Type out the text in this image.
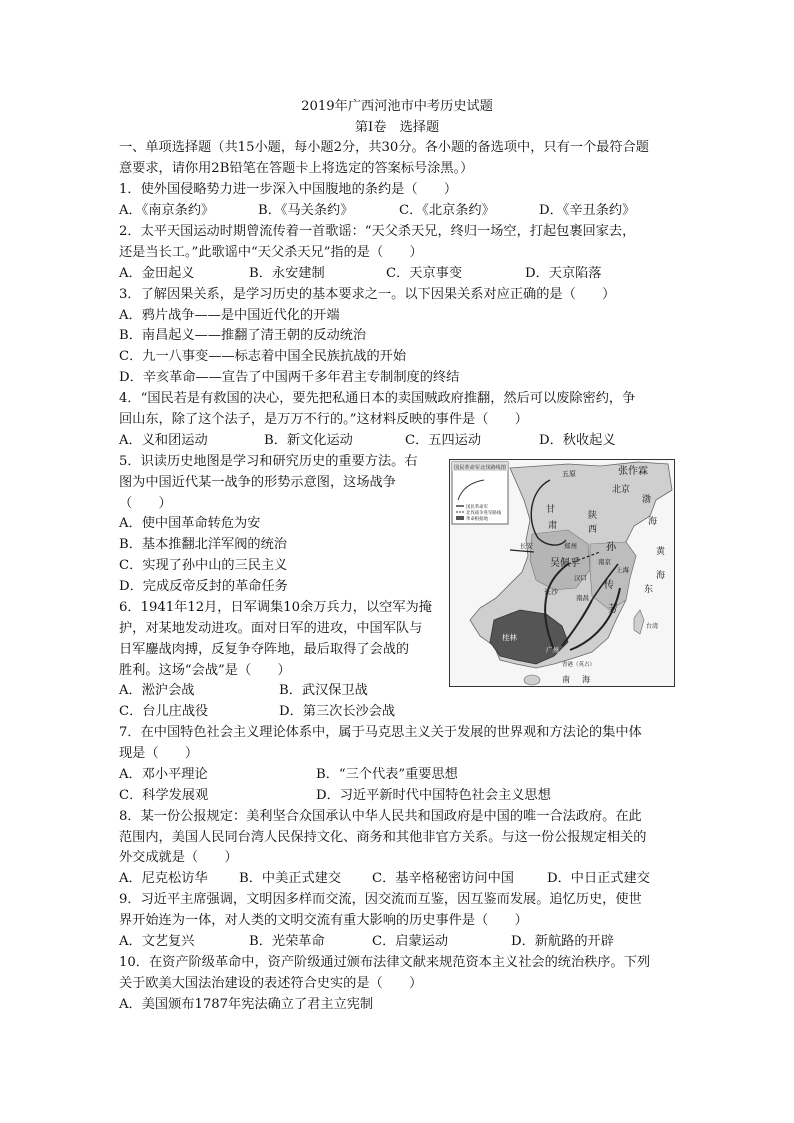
2019年广西河池市中考历史试题
第Ⅰ卷　选择题
一、单项选择题（共15小题，每小题2分，共30分。各小题的备选项中，只有一个最符合题
意要求，请你用2B铅笔在答题卡上将选定的答案标号涂黑。）
1．使外国侵略势力进一步深入中国腹地的条约是（　　）
A．《南京条约》	B．《马关条约》	C．《北京条约》	D．《辛丑条约》
2．太平天国运动时期曾流传着一首歌谣：“天父杀天兄，终归一场空，打起包裹回家去，
还是当长工。”此歌谣中“天父杀天兄”指的是（　　）
A．金田起义	B．永安建制	C．天京事变	D．天京陷落
3．了解因果关系，是学习历史的基本要求之一。以下因果关系对应正确的是（　　）
A．鸦片战争——是中国近代化的开端
B．南昌起义——推翻了清王朝的反动统治
C．九一八事变——标志着中国全民族抗战的开始
D．辛亥革命——宣告了中国两千多年君主专制制度的终结
4．“国民若是有救国的决心，要先把私通日本的卖国贼政府推翻，然后可以废除密约，争
回山东，除了这个法子，是万万不行的。”这材料反映的事件是（　　）
A．义和团运动	B．新文化运动	C．五四运动	D．秋收起义
5．识读历史地图是学习和研究历史的重要方法。右
图为中国近代某一战争的形势示意图，这场战争
（　　）
A．使中国革命转危为安
B．基本推翻北洋军阀的统治
C．实现了孙中山的三民主义
D．完成反帝反封的革命任务
6．1941年12月，日军调集10余万兵力，以空军为掩
护，对某地发动进攻。面对日军的进攻，中国军队与
日军鏖战肉搏，反复争夺阵地，最后取得了会战的
胜利。这场“会战”是（　　）
A．淞沪会战	B．武汉保卫战
C．台儿庄战役	D．第三次长沙会战
7．在中国特色社会主义理论体系中，属于马克思主义关于发展的世界观和方法论的集中体
现是（　　）
A．邓小平理论	B．“三个代表”重要思想
C．科学发展观	D．习近平新时代中国特色社会主义思想
8．某一份公报规定：美利坚合众国承认中华人民共和国政府是中国的唯一合法政府。在此
范围内，美国人民同台湾人民保持文化、商务和其他非官方关系。与这一份公报规定相关的
外交成就是（　　）
A．尼克松访华 B．中美正式建交 C．基辛格秘密访问中国	D．中日正式建交
9．习近平主席强调，文明因多样而交流，因交流而互鉴，因互鉴而发展。追忆历史，使世
界开始连为一体，对人类的文明交流有重大影响的历史事件是（　　）
A．文艺复兴	B．光荣革命	C．启蒙运动	D．新航路的开辟
10．在资产阶级革命中，资产阶级通过颁布法律文献来规范资本主义社会的统治秩序。下列
关于欧美大国法治建设的表述符合史实的是（　　）
A．美国颁布1787年宪法确立了君主立宪制
国民革命军北伐路线图
国民革命军
北伐战争进军路线
革命根据地
张作霖
北京
渤
海
黄
海
五原
甘
肃
陕
西
长安	郑州
吴佩孚
孙
南京
上海
传
汉口
长沙
南昌
芳
东
桂林
广州
香港（英占）
南 海
台湾
